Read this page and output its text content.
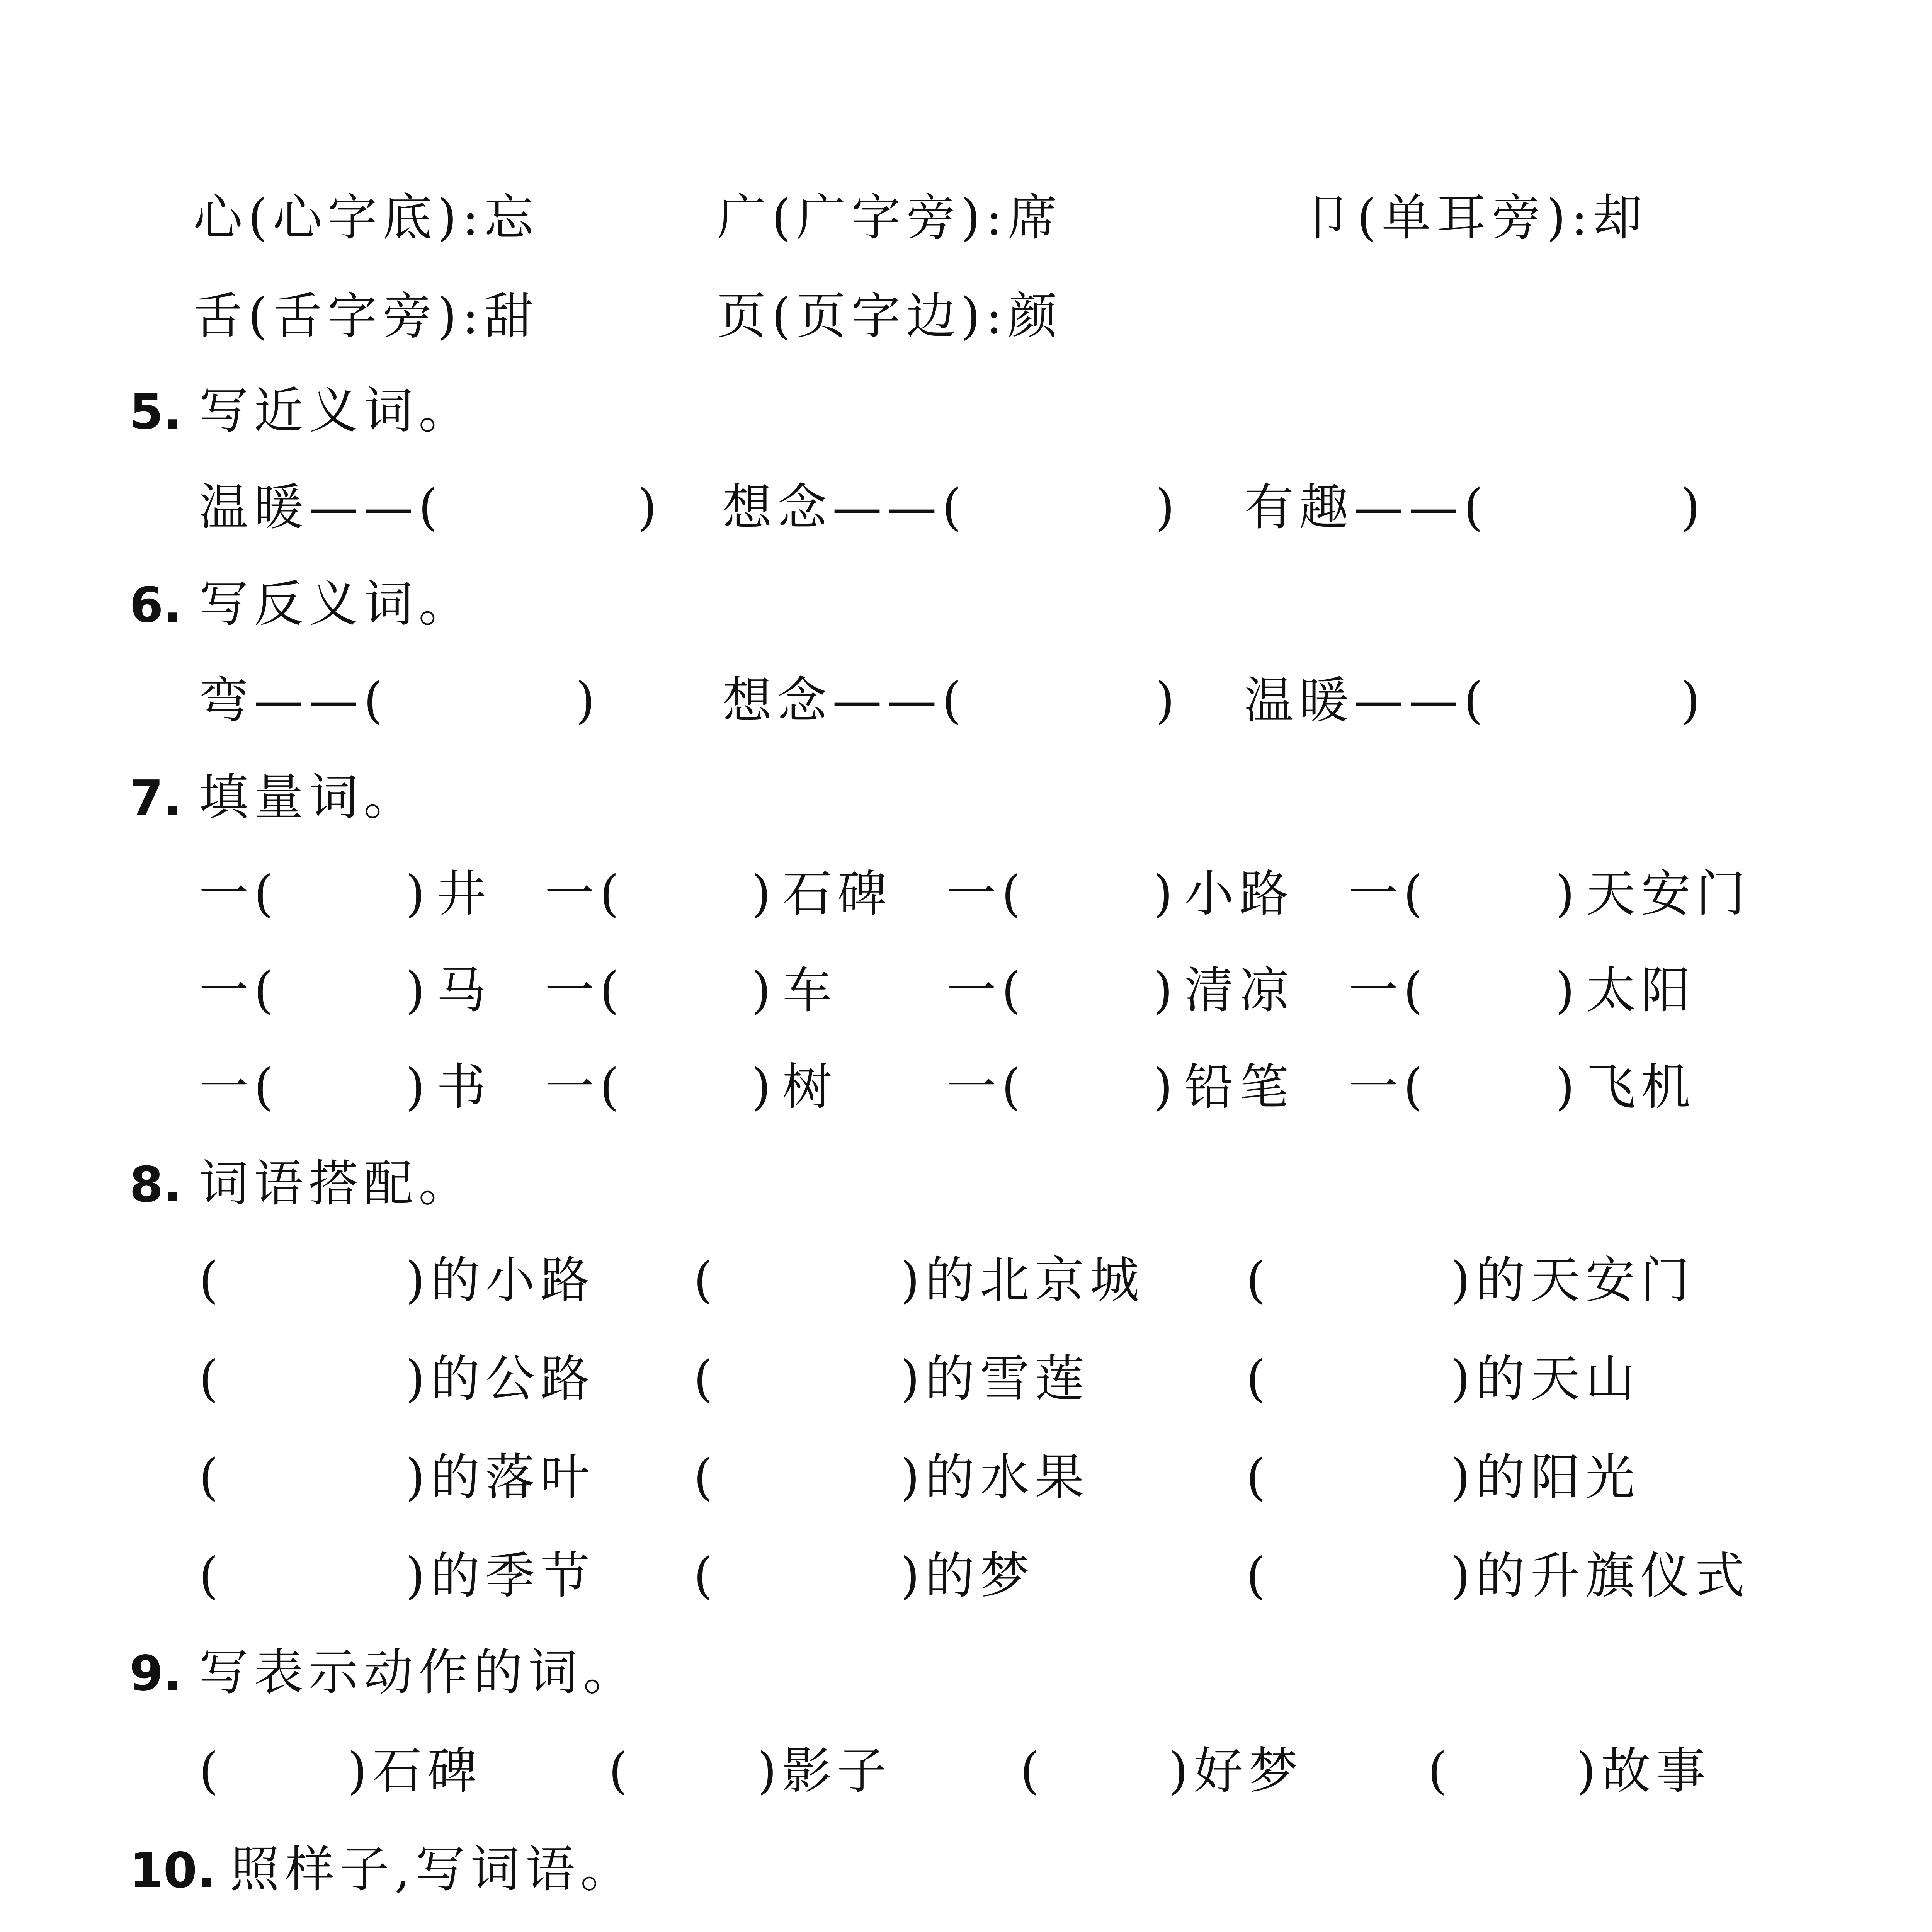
心(心字底):忘	广(广字旁):席	卩(单耳旁):却
舌(舌字旁):甜	页(页字边):颜
5. 写近义词。
温暖——(	) 想念——(	) 有趣——(	)
6. 写反义词。
弯——(	) 想念——(	) 温暖——(	)
7. 填量词。
一(	) 井 一(	) 石碑 一(	) 小路 一(	) 天安门
一(	) 马 一(	) 车 一(	) 清凉 一(	) 太阳
一(	) 书 一(	) 树 一(	) 铅笔 一(	) 飞机
8. 词语搭配。
(	)的小路 (	)的北京城 (	)的天安门
(	)的公路 (	)的雪莲	(	)的天山
(	)的落叶 (	)的水果	(	)的阳光
(	)的季节 (	)的梦	(	)的升旗仪式
9. 写表示动作的词。
(	)石碑	(	)影子	(	)好梦	(	)故事
10. 照样子,写词语。
